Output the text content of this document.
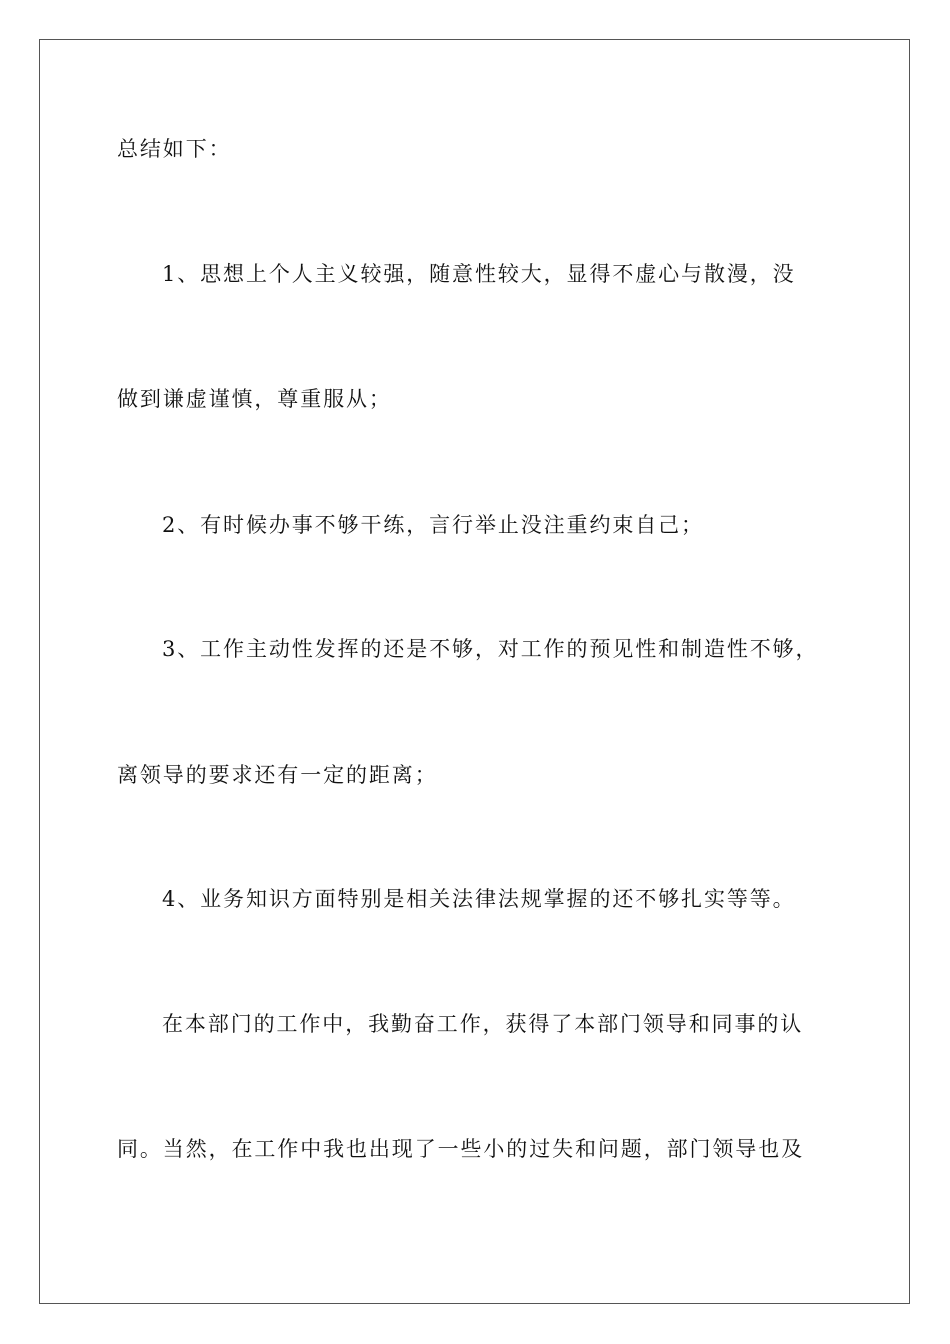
总结如下：
1、思想上个人主义较强，随意性较大，显得不虚心与散漫，没
做到谦虚谨慎，尊重服从；
2、有时候办事不够干练，言行举止没注重约束自己；
3、工作主动性发挥的还是不够，对工作的预见性和制造性不够，
离领导的要求还有一定的距离；
4、业务知识方面特别是相关法律法规掌握的还不够扎实等等。
在本部门的工作中，我勤奋工作，获得了本部门领导和同事的认
同。当然，在工作中我也出现了一些小的过失和问题，部门领导也及
